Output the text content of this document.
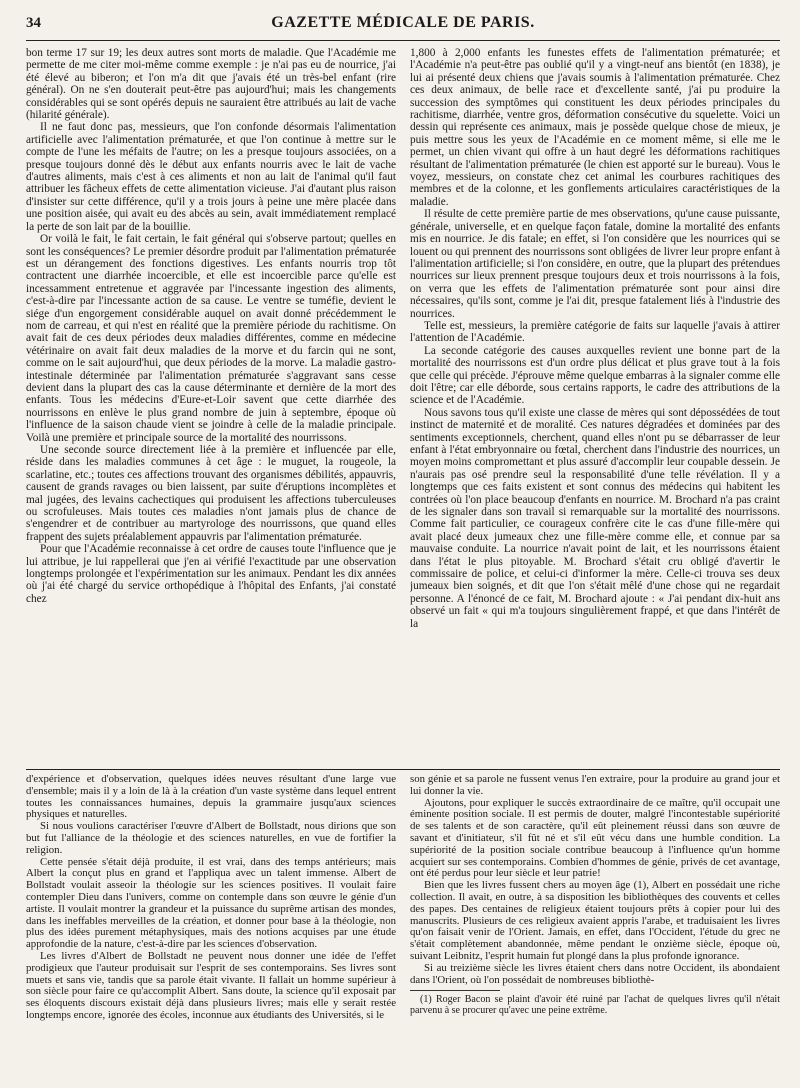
34	GAZETTE MÉDICALE DE PARIS.

bon terme 17 sur 19; les deux autres sont morts de maladie. Que l'Académie me permette de me citer moi-même comme exemple : je n'ai pas eu de nourrice, j'ai été élevé au biberon; et l'on m'a dit que j'avais été un très-bel enfant (rire général). On ne s'en douterait peut-être pas aujourd'hui; mais les changements considérables qui se sont opérés depuis ne sauraient être attribués au lait de vache (hilarité générale).

Il ne faut donc pas, messieurs, que l'on confonde désormais l'alimentation artificielle avec l'alimentation prématurée, et que l'on continue à mettre sur le compte de l'une les méfaits de l'autre; on les a presque toujours associées, on a presque toujours donné dès le début aux enfants nourris avec le lait de vache d'autres aliments, mais c'est à ces aliments et non au lait de l'animal qu'il faut attribuer les fâcheux effets de cette alimentation vicieuse. J'ai d'autant plus raison d'insister sur cette différence, qu'il y a trois jours à peine une mère placée dans une position aisée, qui avait eu des abcès au sein, avait immédiatement remplacé la perte de son lait par de la bouillie.

Or voilà le fait, le fait certain, le fait général qui s'observe partout; quelles en sont les conséquences? Le premier désordre produit par l'alimentation prématurée est un dérangement des fonctions digestives. Les enfants nourris trop tôt contractent une diarrhée incoercible, et elle est incoercible parce qu'elle est incessamment entretenue et aggravée par l'incessante ingestion des aliments, c'est-à-dire par l'incessante action de sa cause. Le ventre se tuméfie, devient le siége d'un engorgement considérable auquel on avait donné précédemment le nom de carreau, et qui n'est en réalité que la première période du rachitisme. On avait fait de ces deux périodes deux maladies différentes, comme en médecine vétérinaire on avait fait deux maladies de la morve et du farcin qui ne sont, comme on le sait aujourd'hui, que deux périodes de la morve. La maladie gastro-intestinale déterminée par l'alimentation prématurée s'aggravant sans cesse devient dans la plupart des cas la cause déterminante et dernière de la mort des enfants. Tous les médecins d'Eure-et-Loir savent que cette diarrhée des nourrissons en enlève le plus grand nombre de juin à septembre, époque où l'influence de la saison chaude vient se joindre à celle de la maladie principale. Voilà une première et principale source de la mortalité des nourrissons.

Une seconde source directement liée à la première et influencée par elle, réside dans les maladies communes à cet âge : le muguet, la rougeole, la scarlatine, etc.; toutes ces affections trouvant des organismes débilités, appauvris, causent de grands ravages ou bien laissent, par suite d'éruptions incomplètes et mal jugées, des levains cachectiques qui produisent les affections tuberculeuses ou scrofuleuses. Mais toutes ces maladies n'ont jamais plus de chance de s'engendrer et de contribuer au martyrologe des nourrissons, que quand elles frappent des sujets préalablement appauvris par l'alimentation prématurée.

Pour que l'Académie reconnaisse à cet ordre de causes toute l'influence que je lui attribue, je lui rappellerai que j'en ai vérifié l'exactitude par une observation longtemps prolongée et l'expérimentation sur les animaux. Pendant les dix années où j'ai été chargé du service orthopédique à l'hôpital des Enfants, j'ai constaté chez

1,800 à 2,000 enfants les funestes effets de l'alimentation prématurée; et l'Académie n'a peut-être pas oublié qu'il y a vingt-neuf ans bientôt (en 1838), je lui ai présenté deux chiens que j'avais soumis à l'alimentation prématurée. Chez ces deux animaux, de belle race et d'excellente santé, j'ai pu produire la succession des symptômes qui constituent les deux périodes principales du rachitisme, diarrhée, ventre gros, déformation consécutive du squelette. Voici un dessin qui représente ces animaux, mais je possède quelque chose de mieux, je puis mettre sous les yeux de l'Académie en ce moment même, si elle me le permet, un chien vivant qui offre à un haut degré les déformations rachitiques résultant de l'alimentation prématurée (le chien est apporté sur le bureau). Vous le voyez, messieurs, on constate chez cet animal les courbures rachitiques des membres et de la colonne, et les gonflements articulaires caractéristiques de la maladie.

Il résulte de cette première partie de mes observations, qu'une cause puissante, générale, universelle, et en quelque façon fatale, domine la mortalité des enfants mis en nourrice. Je dis fatale; en effet, si l'on considère que les nourrices qui se louent ou qui prennent des nourrissons sont obligées de livrer leur propre enfant à l'alimentation artificielle; si l'on considère, en outre, que la plupart des prétendues nourrices sur lieux prennent presque toujours deux et trois nourrissons à la fois, on verra que les effets de l'alimentation prématurée sont pour ainsi dire nécessaires, qu'ils sont, comme je l'ai dit, presque fatalement liés à l'industrie des nourrices.

Telle est, messieurs, la première catégorie de faits sur laquelle j'avais à attirer l'attention de l'Académie.

La seconde catégorie des causes auxquelles revient une bonne part de la mortalité des nourrissons est d'un ordre plus délicat et plus grave tout à la fois que celle qui précède. J'éprouve même quelque embarras à la signaler comme elle doit l'être; car elle déborde, sous certains rapports, le cadre des attributions de la science et de l'Académie.

Nous savons tous qu'il existe une classe de mères qui sont dépossédées de tout instinct de maternité et de moralité. Ces natures dégradées et dominées par des sentiments exceptionnels, cherchent, quand elles n'ont pu se débarrasser de leur enfant à l'état embryonnaire ou fœtal, cherchent dans l'industrie des nourrices, un moyen moins compromettant et plus assuré d'accomplir leur coupable dessein. Je n'aurais pas osé prendre seul la responsabilité d'une telle révélation. Il y a longtemps que ces faits existent et sont connus des médecins qui habitent les contrées où l'on place beaucoup d'enfants en nourrice. M. Brochard n'a pas craint de les signaler dans son travail si remarquable sur la mortalité des nourrissons. Comme fait particulier, ce courageux confrère cite le cas d'une fille-mère qui avait placé deux jumeaux chez une fille-mère comme elle, et connue par sa mauvaise conduite. La nourrice n'avait point de lait, et les nourrissons étaient dans l'état le plus pitoyable. M. Brochard s'était cru obligé d'avertir le commissaire de police, et celui-ci d'informer la mère. Celle-ci trouva ses deux jumeaux bien soignés, et dit que l'on s'était mêlé d'une chose qui ne regardait personne. A l'énoncé de ce fait, M. Brochard ajoute : « J'ai pendant dix-huit ans observé un fait « qui m'a toujours singulièrement frappé, et que dans l'intérêt de la

d'expérience et d'observation, quelques idées neuves résultant d'une large vue d'ensemble; mais il y a loin de là à la création d'un vaste système dans lequel entrent toutes les connaissances humaines, depuis la grammaire jusqu'aux sciences physiques et naturelles.

Si nous voulions caractériser l'œuvre d'Albert de Bollstadt, nous dirions que son but fut l'alliance de la théologie et des sciences naturelles, en vue de fortifier la religion.

Cette pensée s'était déjà produite, il est vrai, dans des temps antérieurs; mais Albert la conçut plus en grand et l'appliqua avec un talent immense. Albert de Bollstadt voulait asseoir la théologie sur les sciences positives. Il voulait faire contempler Dieu dans l'univers, comme on contemple dans son œuvre le génie d'un artiste. Il voulait montrer la grandeur et la puissance du suprême artisan des mondes, dans les ineffables merveilles de la création, et donner pour base à la théologie, non plus des idées purement métaphysiques, mais des notions acquises par une étude approfondie de la nature, c'est-à-dire par les sciences d'observation.

Les livres d'Albert de Bollstadt ne peuvent nous donner une idée de l'effet prodigieux que l'auteur produisait sur l'esprit de ses contemporains. Ses livres sont muets et sans vie, tandis que sa parole était vivante. Il fallait un homme supérieur à son siècle pour faire ce qu'accomplit Albert. Sans doute, la science qu'il exposait par ses éloquents discours existait déjà dans plusieurs livres; mais elle y serait restée longtemps encore, ignorée des écoles, inconnue aux étudiants des Universités, si le

son génie et sa parole ne fussent venus l'en extraire, pour la produire au grand jour et lui donner la vie.

Ajoutons, pour expliquer le succès extraordinaire de ce maître, qu'il occupait une éminente position sociale. Il est permis de douter, malgré l'incontestable supériorité de ses talents et de son caractère, qu'il eût pleinement réussi dans son œuvre de savant et d'initiateur, s'il fût né et s'il eût vécu dans une humble condition. La supériorité de la position sociale contribue beaucoup à l'influence qu'un homme acquiert sur ses contemporains. Combien d'hommes de génie, privés de cet avantage, ont été perdus pour leur siècle et leur patrie!

Bien que les livres fussent chers au moyen âge (1), Albert en possédait une riche collection. Il avait, en outre, à sa disposition les bibliothèques des couvents et celles des papes. Des centaines de religieux étaient toujours prêts à copier pour lui des manuscrits. Plusieurs de ces religieux avaient appris l'arabe, et traduisaient les livres qu'on faisait venir de l'Orient. Jamais, en effet, dans l'Occident, l'étude du grec ne s'était complètement abandonnée, même pendant le onzième siècle, époque où, suivant Leibnitz, l'esprit humain fut plongé dans la plus profonde ignorance.

Si au treizième siècle les livres étaient chers dans notre Occident, ils abondaient dans l'Orient, où l'on possédait de nombreuses bibliothè-

(1) Roger Bacon se plaint d'avoir été ruiné par l'achat de quelques livres qu'il n'était parvenu à se procurer qu'avec une peine extrême.
